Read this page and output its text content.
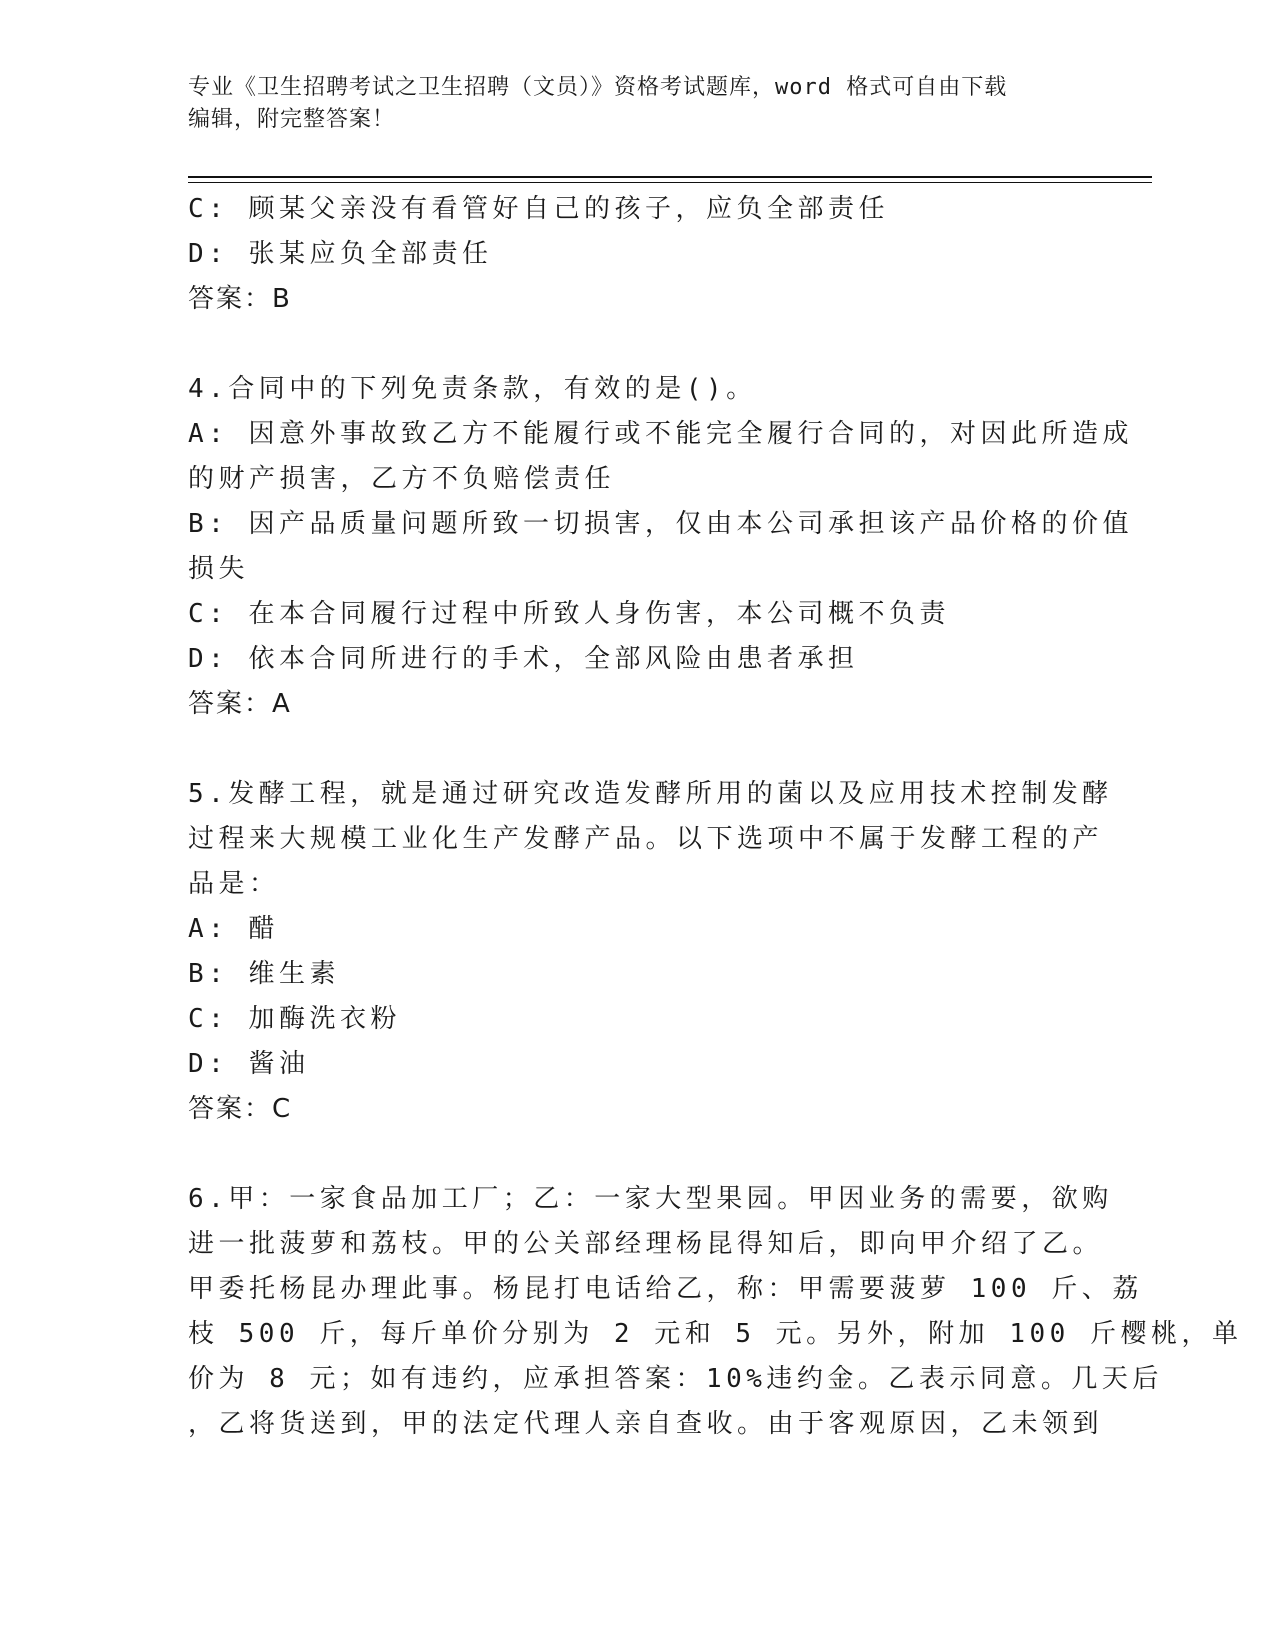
专业《卫生招聘考试之卫生招聘（文员）》资格考试题库，word 格式可自由下载
编辑，附完整答案！
C: 顾某父亲没有看管好自己的孩子，应负全部责任
D: 张某应负全部责任
答案：B
4.合同中的下列免责条款，有效的是()。
A: 因意外事故致乙方不能履行或不能完全履行合同的，对因此所造成
的财产损害，乙方不负赔偿责任
B: 因产品质量问题所致一切损害，仅由本公司承担该产品价格的价值
损失
C: 在本合同履行过程中所致人身伤害，本公司概不负责
D: 依本合同所进行的手术，全部风险由患者承担
答案：A
5.发酵工程，就是通过研究改造发酵所用的菌以及应用技术控制发酵
过程来大规模工业化生产发酵产品。以下选项中不属于发酵工程的产
品是：
A: 醋
B: 维生素
C: 加酶洗衣粉
D: 酱油
答案：C
6.甲：一家食品加工厂；乙：一家大型果园。甲因业务的需要，欲购
进一批菠萝和荔枝。甲的公关部经理杨昆得知后，即向甲介绍了乙。
甲委托杨昆办理此事。杨昆打电话给乙，称：甲需要菠萝 100 斤、荔
枝 500 斤，每斤单价分别为 2 元和 5 元。另外，附加 100 斤樱桃，单
价为 8 元；如有违约，应承担答案：10%违约金。乙表示同意。几天后
，乙将货送到，甲的法定代理人亲自查收。由于客观原因，乙未领到
